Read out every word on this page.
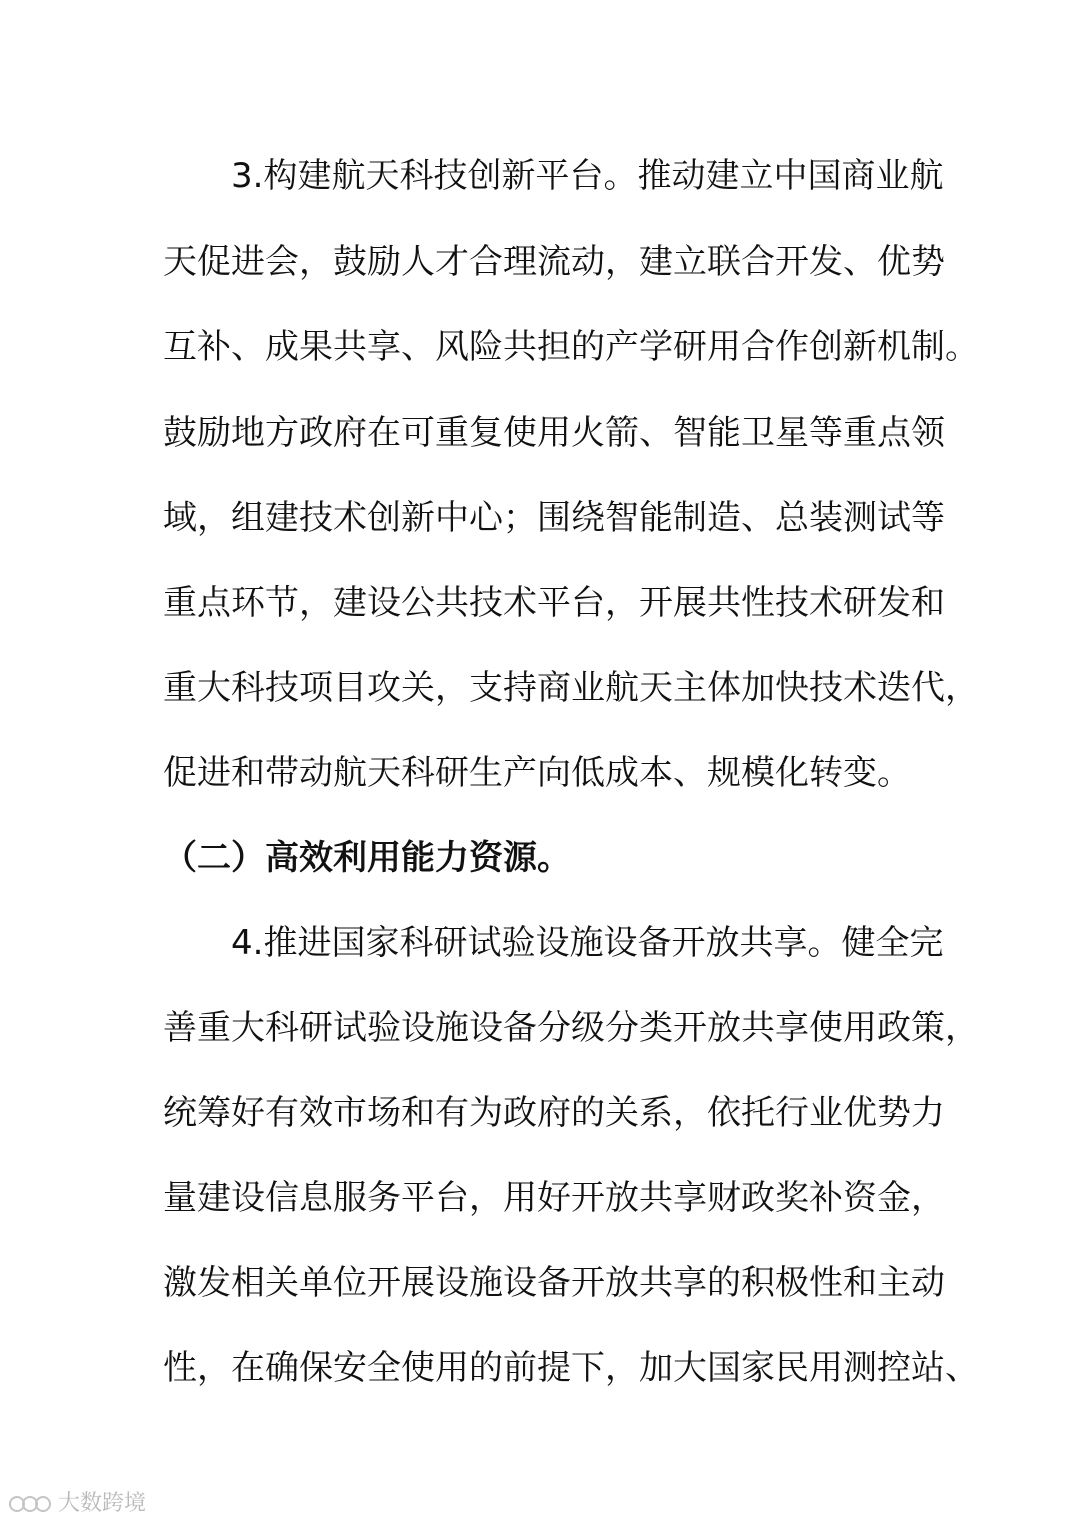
　　3.构建航天科技创新平台。推动建立中国商业航
天促进会，鼓励人才合理流动，建立联合开发、优势
互补、成果共享、风险共担的产学研用合作创新机制。
鼓励地方政府在可重复使用火箭、智能卫星等重点领
域，组建技术创新中心；围绕智能制造、总装测试等
重点环节，建设公共技术平台，开展共性技术研发和
重大科技项目攻关，支持商业航天主体加快技术迭代，
促进和带动航天科研生产向低成本、规模化转变。
（二）高效利用能力资源。
　　4.推进国家科研试验设施设备开放共享。健全完
善重大科研试验设施设备分级分类开放共享使用政策，
统筹好有效市场和有为政府的关系，依托行业优势力
量建设信息服务平台，用好开放共享财政奖补资金，
激发相关单位开展设施设备开放共享的积极性和主动
性，在确保安全使用的前提下，加大国家民用测控站、
大数跨境
